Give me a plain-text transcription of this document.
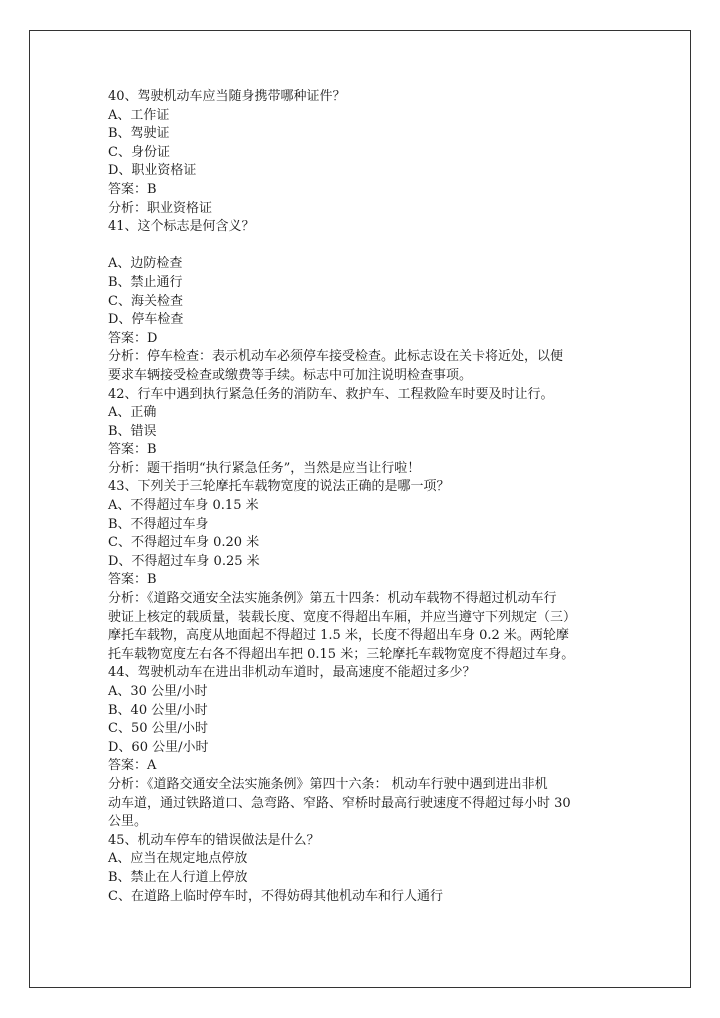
40、驾驶机动车应当随身携带哪种证件？

A、工作证

B、驾驶证

C、身份证

D、职业资格证

答案：B

分析：职业资格证

41、这个标志是何含义？

A、边防检查

B、禁止通行

C、海关检查

D、停车检查

答案：D

分析：停车检查：表示机动车必须停车接受检查。此标志设在关卡将近处，以便

要求车辆接受检查或缴费等手续。标志中可加注说明检查事项。

42、行车中遇到执行紧急任务的消防车、救护车、工程救险车时要及时让行。

A、正确

B、错误

答案：B

分析：题干指明“执行紧急任务”，当然是应当让行啦！

43、下列关于三轮摩托车载物宽度的说法正确的是哪一项？

A、不得超过车身 0.15 米

B、不得超过车身

C、不得超过车身 0.20 米

D、不得超过车身 0.25 米

答案：B

分析：《道路交通安全法实施条例》第五十四条：机动车载物不得超过机动车行

驶证上核定的载质量，装载长度、宽度不得超出车厢，并应当遵守下列规定（三）

摩托车载物，高度从地面起不得超过 1.5 米，长度不得超出车身 0.2 米。两轮摩

托车载物宽度左右各不得超出车把 0.15 米；三轮摩托车载物宽度不得超过车身。

44、驾驶机动车在进出非机动车道时，最高速度不能超过多少？

A、30 公里/小时

B、40 公里/小时

C、50 公里/小时

D、60 公里/小时

答案：A

分析：《道路交通安全法实施条例》第四十六条： 机动车行驶中遇到进出非机

动车道，通过铁路道口、急弯路、窄路、窄桥时最高行驶速度不得超过每小时 30

公里。

45、机动车停车的错误做法是什么？

A、应当在规定地点停放

B、禁止在人行道上停放

C、在道路上临时停车时，不得妨碍其他机动车和行人通行
